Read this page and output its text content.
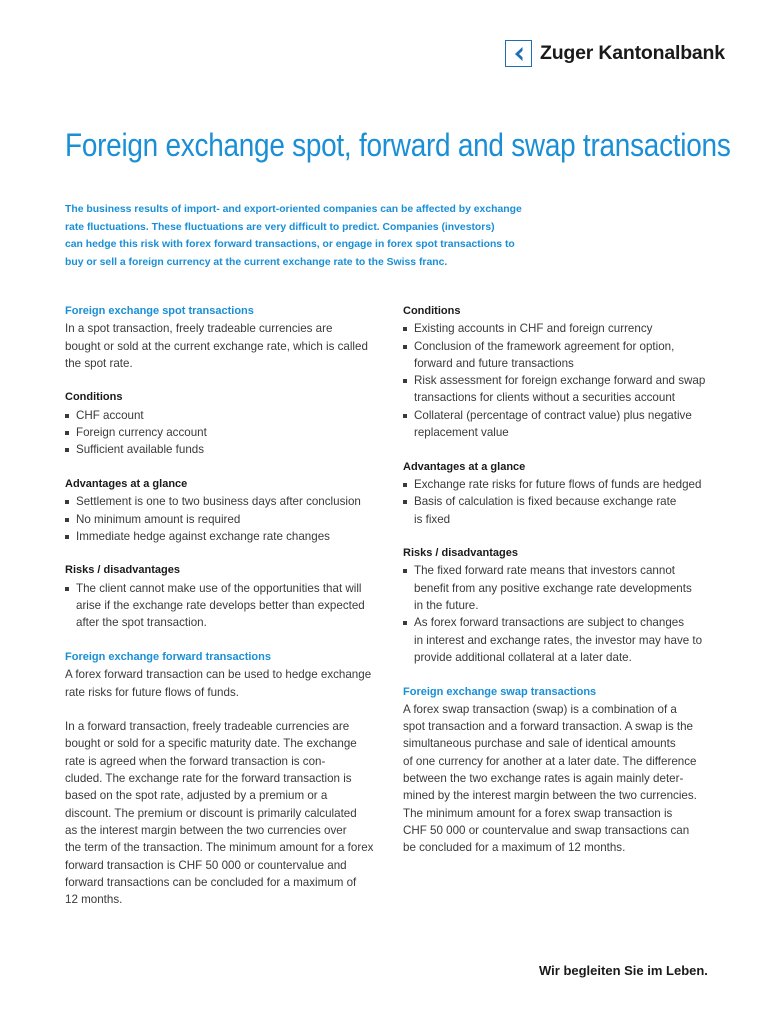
Zuger Kantonalbank
Foreign exchange spot, forward and swap transactions
The business results of import- and export-oriented companies can be affected by exchange
rate fluctuations. These fluctuations are very difficult to predict. Companies (investors)
can hedge this risk with forex forward transactions, or engage in forex spot transactions to
buy or sell a foreign currency at the current exchange rate to the Swiss franc.
Foreign exchange spot transactions
In a spot transaction, freely tradeable currencies are
bought or sold at the current exchange rate, which is called
the spot rate.
Conditions
CHF account
Foreign currency account
Sufficient available funds
Advantages at a glance
Settlement is one to two business days after conclusion
No minimum amount is required
Immediate hedge against exchange rate changes
Risks / disadvantages
The client cannot make use of the opportunities that will
arise if the exchange rate develops better than expected
after the spot transaction.
Foreign exchange forward transactions
A forex forward transaction can be used to hedge exchange
rate risks for future flows of funds.
In a forward transaction, freely tradeable currencies are
bought or sold for a specific maturity date. The exchange
rate is agreed when the forward transaction is con-
cluded. The exchange rate for the forward transaction is
based on the spot rate, adjusted by a premium or a
discount. The premium or discount is primarily calculated
as the interest margin between the two currencies over
the term of the transaction. The minimum amount for a forex
forward transaction is CHF 50 000 or countervalue and
forward transactions can be concluded for a maximum of
12 months.
Conditions
Existing accounts in CHF and foreign currency
Conclusion of the framework agreement for option,
forward and future transactions
Risk assessment for foreign exchange forward and swap
transactions for clients without a securities account
Collateral (percentage of contract value) plus negative
replacement value
Advantages at a glance
Exchange rate risks for future flows of funds are hedged
Basis of calculation is fixed because exchange rate
is fixed
Risks / disadvantages
The fixed forward rate means that investors cannot
benefit from any positive exchange rate developments
in the future.
As forex forward transactions are subject to changes
in interest and exchange rates, the investor may have to
provide additional collateral at a later date.
Foreign exchange swap transactions
A forex swap transaction (swap) is a combination of a
spot transaction and a forward transaction. A swap is the
simultaneous purchase and sale of identical amounts
of one currency for another at a later date. The difference
between the two exchange rates is again mainly deter-
mined by the interest margin between the two currencies.
The minimum amount for a forex swap transaction is
CHF 50 000 or countervalue and swap transactions can
be concluded for a maximum of 12 months.
Wir begleiten Sie im Leben.
